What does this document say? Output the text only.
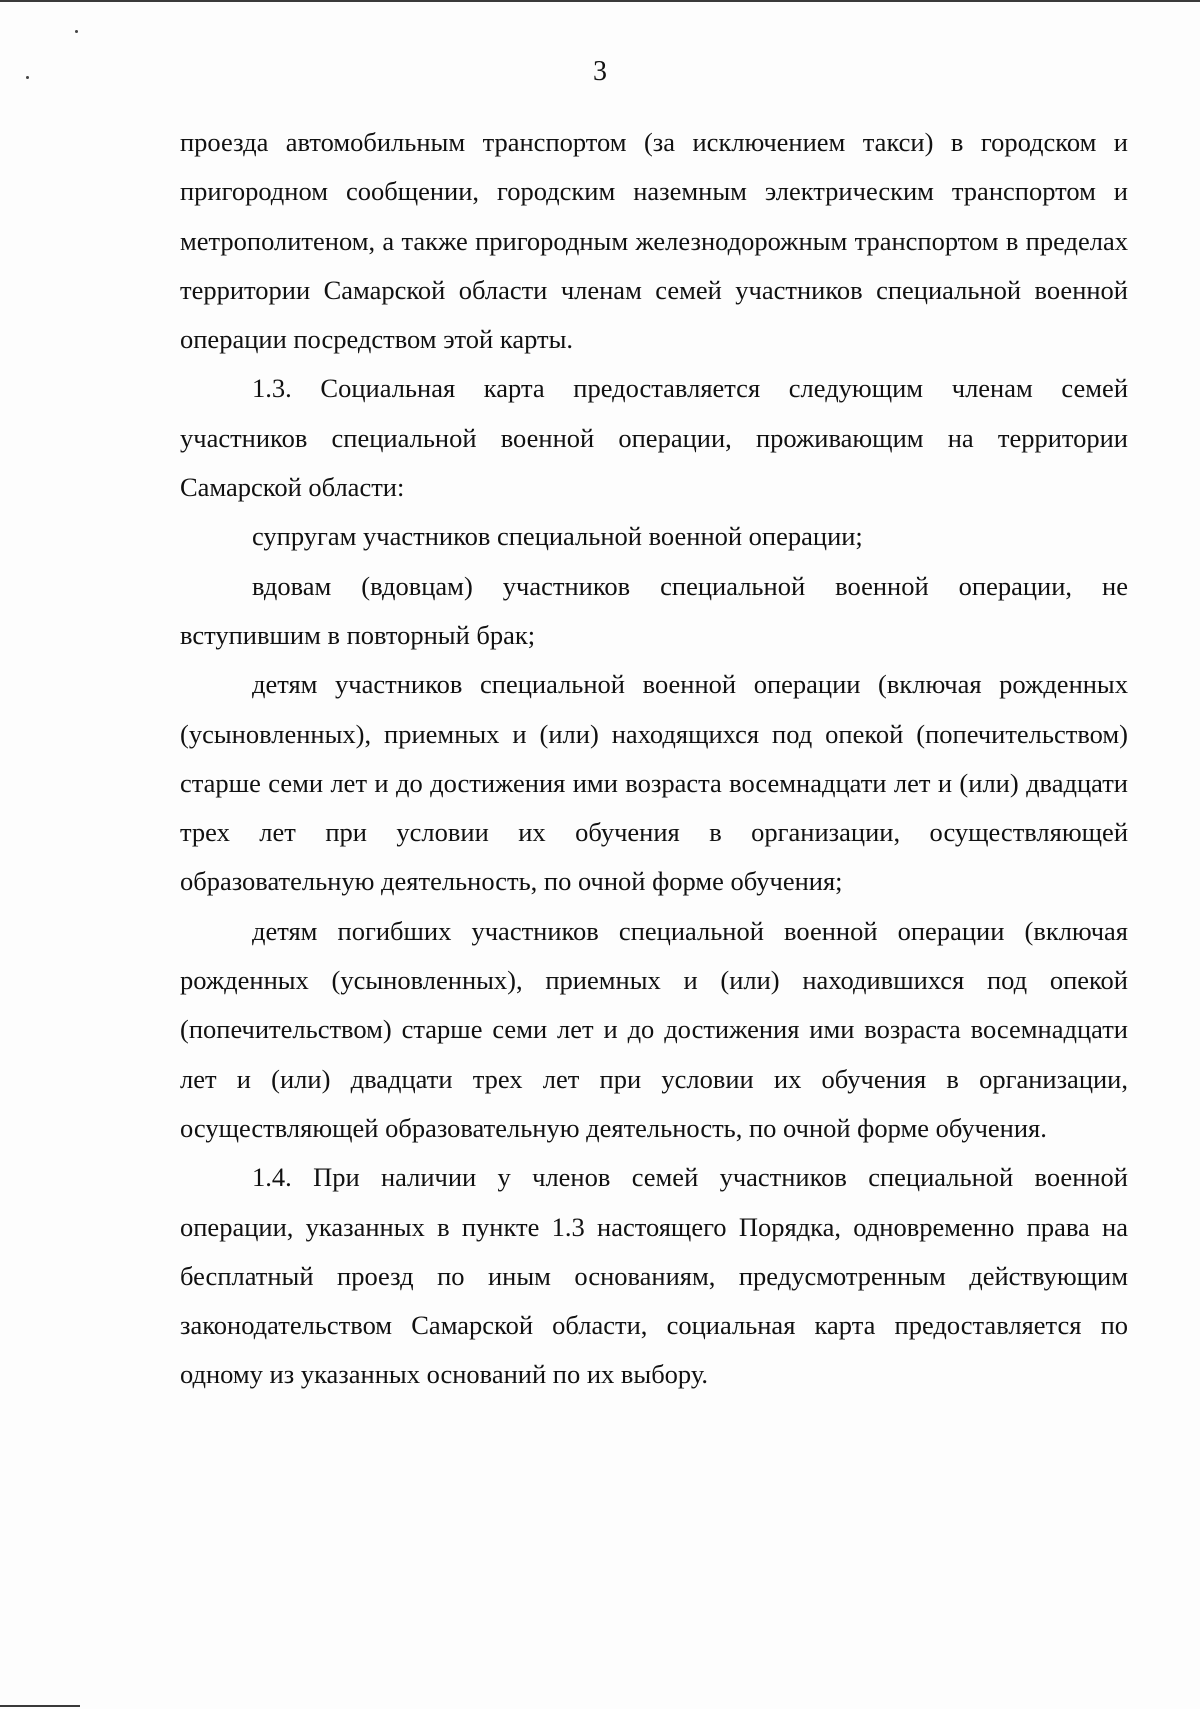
3

проезда автомобильным транспортом (за исключением такси) в городском и пригородном сообщении, городским наземным электрическим транспортом и метрополитеном, а также пригородным железнодорожным транспортом в пределах территории Самарской области членам семей участников специальной военной операции посредством этой карты.

1.3. Социальная карта предоставляется следующим членам семей участников специальной военной операции, проживающим на территории Самарской области:

супругам участников специальной военной операции;

вдовам (вдовцам) участников специальной военной операции, не вступившим в повторный брак;

детям участников специальной военной операции (включая рожденных (усыновленных), приемных и (или) находящихся под опекой (попечительством) старше семи лет и до достижения ими возраста восемнадцати лет и (или) двадцати трех лет при условии их обучения в организации, осуществляющей образовательную деятельность, по очной форме обучения;

детям погибших участников специальной военной операции (включая рожденных (усыновленных), приемных и (или) находившихся под опекой (попечительством) старше семи лет и до достижения ими возраста восемнадцати лет и (или) двадцати трех лет при условии их обучения в организации, осуществляющей образовательную деятельность, по очной форме обучения.

1.4. При наличии у членов семей участников специальной военной операции, указанных в пункте 1.3 настоящего Порядка, одновременно права на бесплатный проезд по иным основаниям, предусмотренным действующим законодательством Самарской области, социальная карта предоставляется по одному из указанных оснований по их выбору.
